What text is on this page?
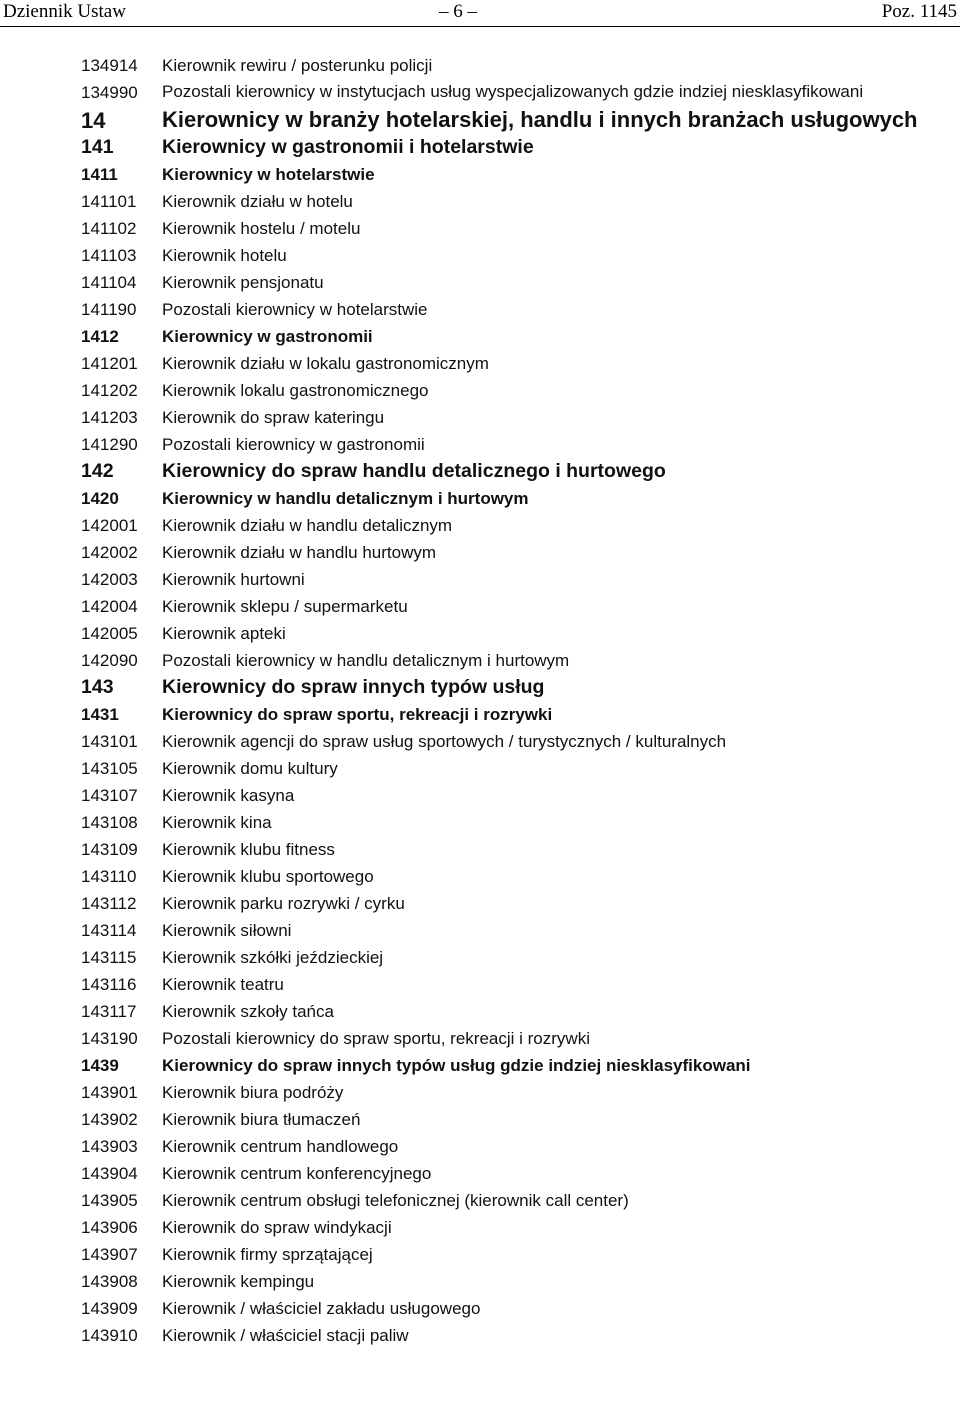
Dziennik Ustaw	– 6 –	Poz. 1145
134914	Kierownik rewiru / posterunku policji
134990	Pozostali kierownicy w instytucjach usług wyspecjalizowanych gdzie indziej niesklasyfikowani
14	Kierownicy w branży hotelarskiej, handlu i innych branżach usługowych
141	Kierownicy w gastronomii i hotelarstwie
1411	Kierownicy w hotelarstwie
141101	Kierownik działu w hotelu
141102	Kierownik hostelu / motelu
141103	Kierownik hotelu
141104	Kierownik pensjonatu
141190	Pozostali kierownicy w hotelarstwie
1412	Kierownicy w gastronomii
141201	Kierownik działu w lokalu gastronomicznym
141202	Kierownik lokalu gastronomicznego
141203	Kierownik do spraw kateringu
141290	Pozostali kierownicy w gastronomii
142	Kierownicy do spraw handlu detalicznego i hurtowego
1420	Kierownicy w handlu detalicznym i hurtowym
142001	Kierownik działu w handlu detalicznym
142002	Kierownik działu w handlu hurtowym
142003	Kierownik hurtowni
142004	Kierownik sklepu / supermarketu
142005	Kierownik apteki
142090	Pozostali kierownicy w handlu detalicznym i hurtowym
143	Kierownicy do spraw innych typów usług
1431	Kierownicy do spraw sportu, rekreacji i rozrywki
143101	Kierownik agencji do spraw usług sportowych / turystycznych / kulturalnych
143105	Kierownik domu kultury
143107	Kierownik kasyna
143108	Kierownik kina
143109	Kierownik klubu fitness
143110	Kierownik klubu sportowego
143112	Kierownik parku rozrywki / cyrku
143114	Kierownik siłowni
143115	Kierownik szkółki jeździeckiej
143116	Kierownik teatru
143117	Kierownik szkoły tańca
143190	Pozostali kierownicy do spraw sportu, rekreacji i rozrywki
1439	Kierownicy do spraw innych typów usług gdzie indziej niesklasyfikowani
143901	Kierownik biura podróży
143902	Kierownik biura tłumaczeń
143903	Kierownik centrum handlowego
143904	Kierownik centrum konferencyjnego
143905	Kierownik centrum obsługi telefonicznej (kierownik call center)
143906	Kierownik do spraw windykacji
143907	Kierownik firmy sprzątającej
143908	Kierownik kempingu
143909	Kierownik / właściciel zakładu usługowego
143910	Kierownik / właściciel stacji paliw
